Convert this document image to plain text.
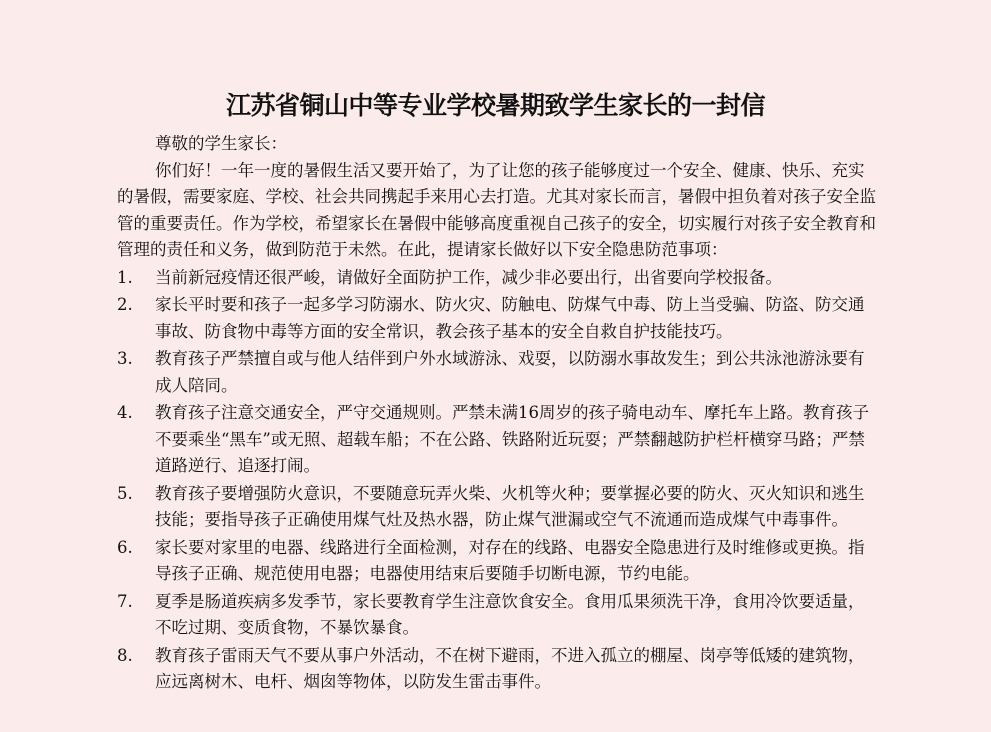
江苏省铜山中等专业学校暑期致学生家长的一封信

尊敬的学生家长：

你们好！一年一度的暑假生活又要开始了，为了让您的孩子能够度过一个安全、健康、快乐、充实的暑假，需要家庭、学校、社会共同携起手来用心去打造。尤其对家长而言，暑假中担负着对孩子安全监管的重要责任。作为学校，希望家长在暑假中能够高度重视自己孩子的安全，切实履行对孩子安全教育和管理的责任和义务，做到防范于未然。在此，提请家长做好以下安全隐患防范事项：

1. 当前新冠疫情还很严峻，请做好全面防护工作，减少非必要出行，出省要向学校报备。
2. 家长平时要和孩子一起多学习防溺水、防火灾、防触电、防煤气中毒、防上当受骗、防盗、防交通事故、防食物中毒等方面的安全常识，教会孩子基本的安全自救自护技能技巧。
3. 教育孩子严禁擅自或与他人结伴到户外水域游泳、戏耍，以防溺水事故发生；到公共泳池游泳要有成人陪同。
4. 教育孩子注意交通安全，严守交通规则。严禁未满16周岁的孩子骑电动车、摩托车上路。教育孩子不要乘坐“黑车”或无照、超载车船；不在公路、铁路附近玩耍；严禁翻越防护栏杆横穿马路；严禁道路逆行、追逐打闹。
5. 教育孩子要增强防火意识，不要随意玩弄火柴、火机等火种；要掌握必要的防火、灭火知识和逃生技能；要指导孩子正确使用煤气灶及热水器，防止煤气泄漏或空气不流通而造成煤气中毒事件。
6. 家长要对家里的电器、线路进行全面检测，对存在的线路、电器安全隐患进行及时维修或更换。指导孩子正确、规范使用电器；电器使用结束后要随手切断电源，节约电能。
7. 夏季是肠道疾病多发季节，家长要教育学生注意饮食安全。食用瓜果须洗干净，食用冷饮要适量，不吃过期、变质食物，不暴饮暴食。
8. 教育孩子雷雨天气不要从事户外活动，不在树下避雨，不进入孤立的棚屋、岗亭等低矮的建筑物，应远离树木、电杆、烟囱等物体，以防发生雷击事件。
